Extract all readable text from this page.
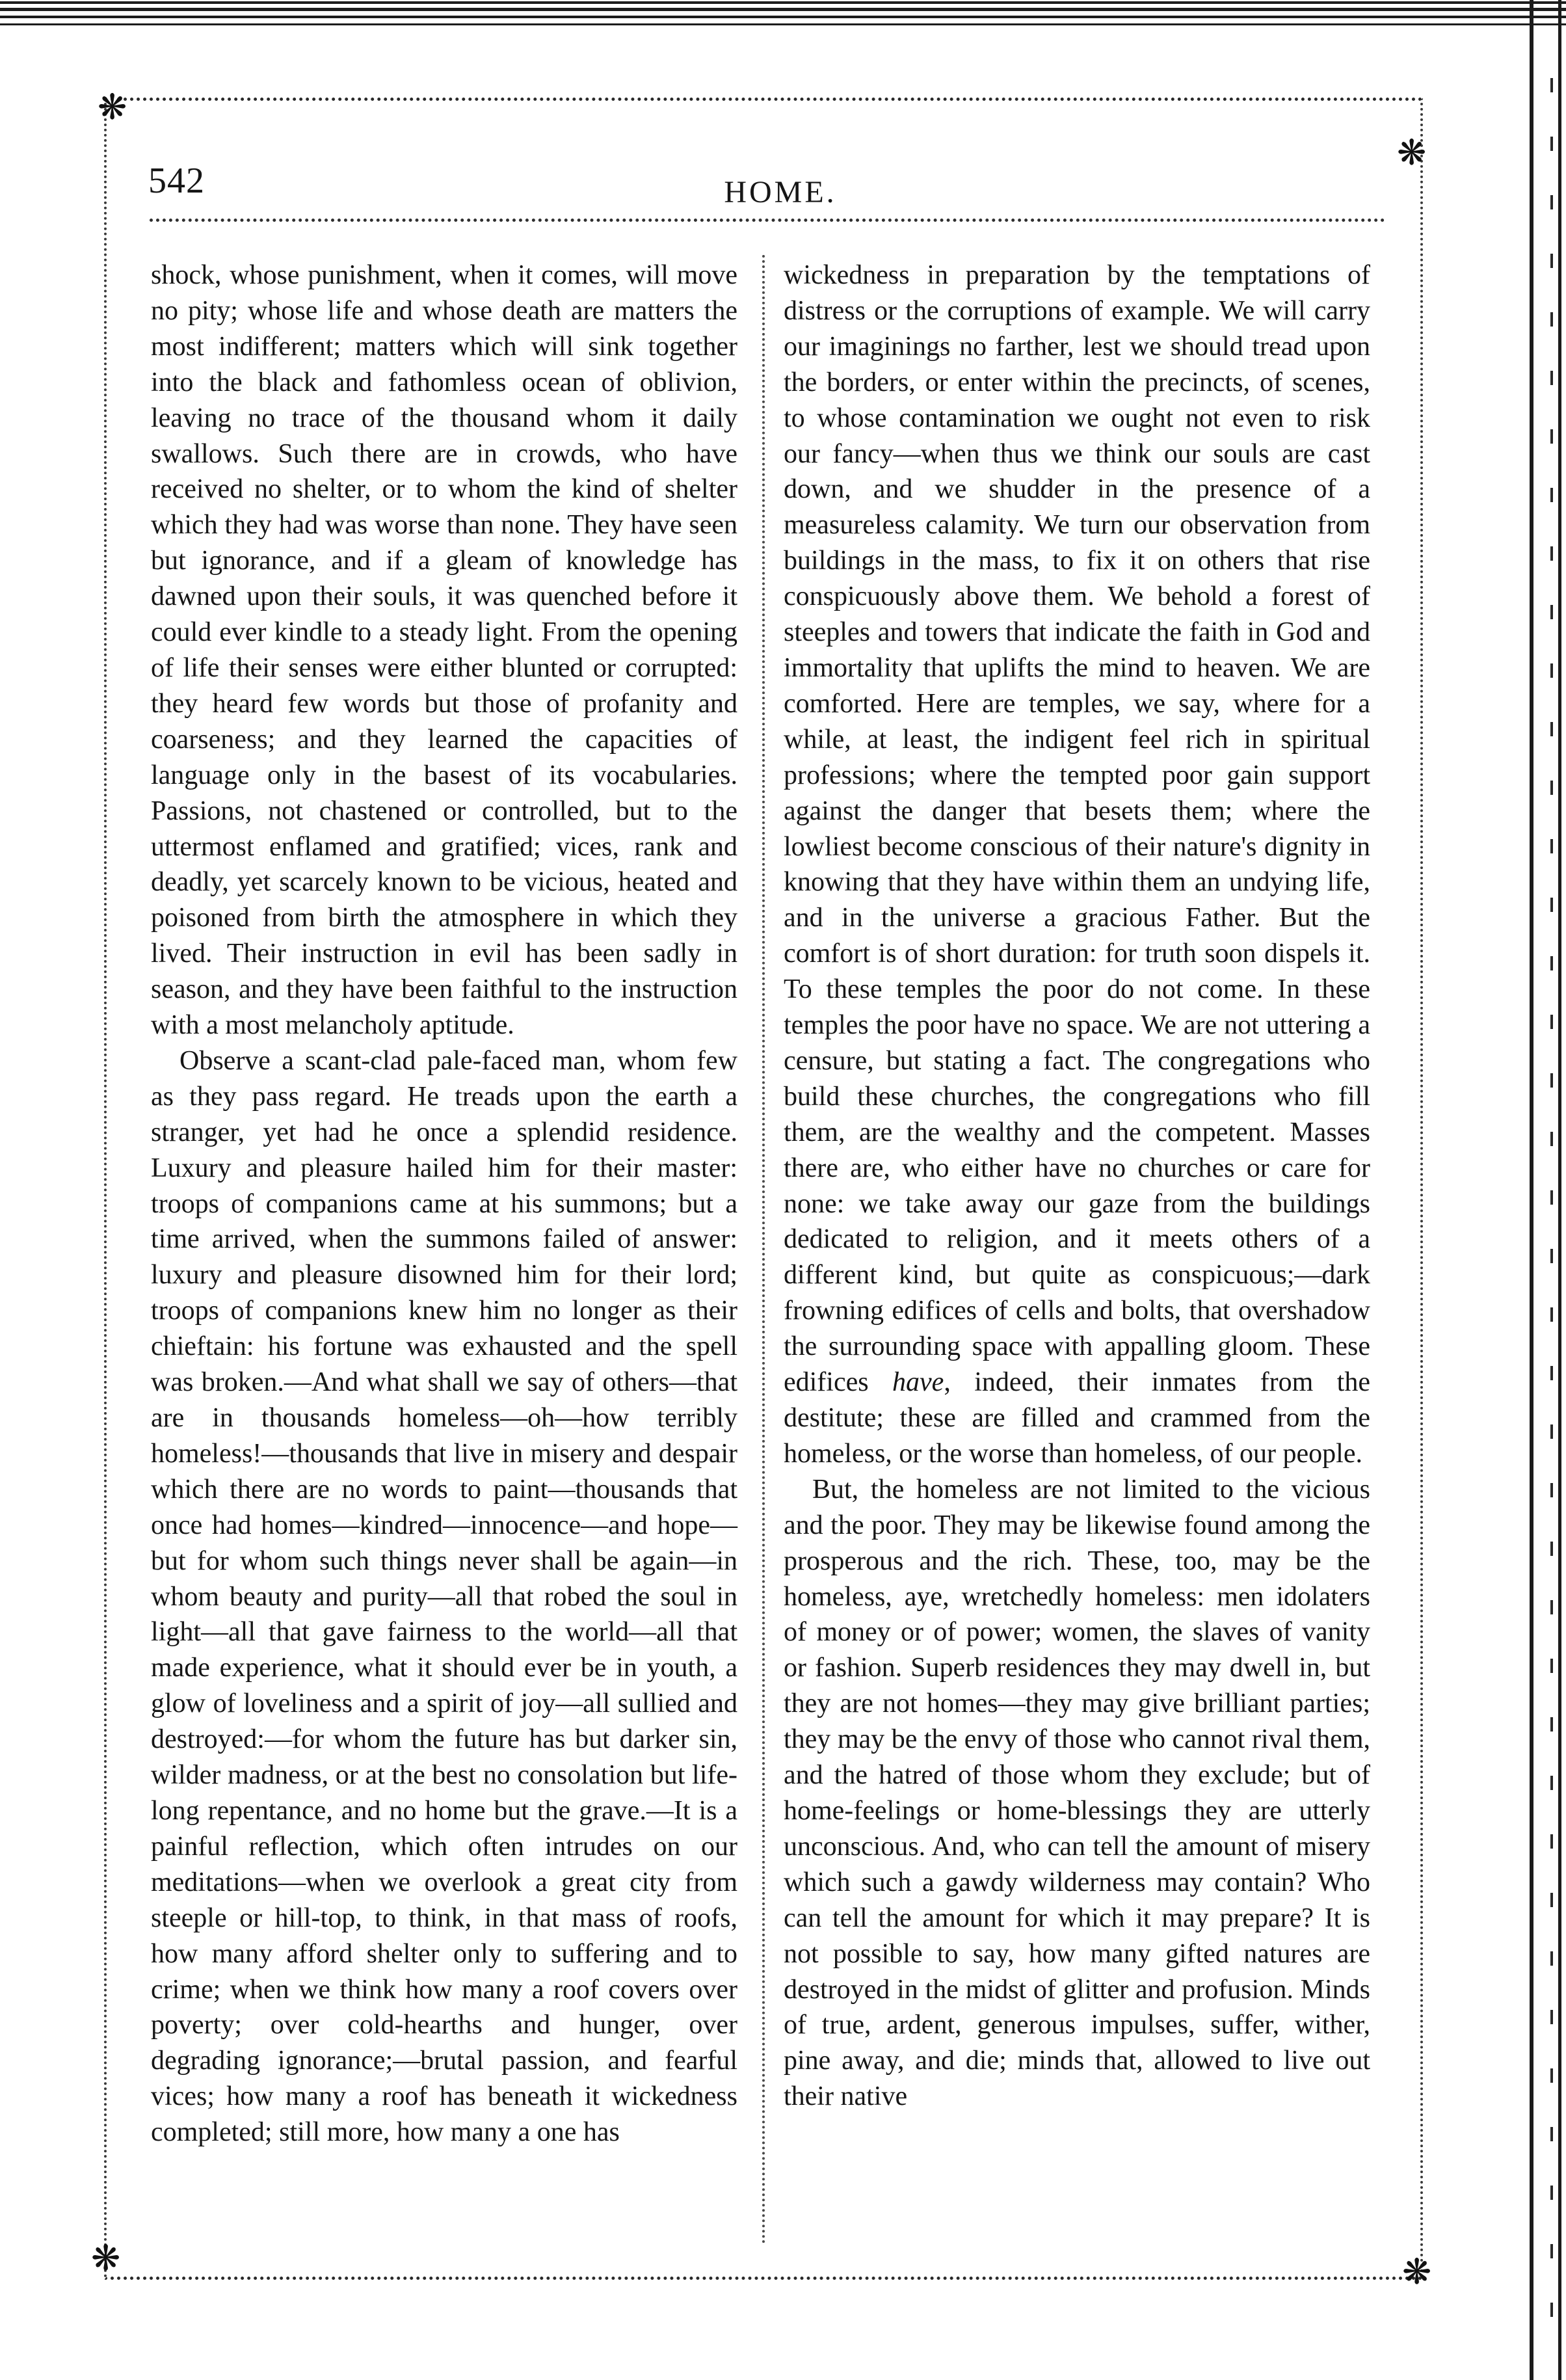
❋
❋
❋	❋
542	HOME.

shock, whose punishment, when it comes, will move no pity; whose life and whose death are matters the most indifferent; matters which will sink together into the black and fathomless ocean of oblivion, leaving no trace of the thousand whom it daily swallows. Such there are in crowds, who have received no shelter, or to whom the kind of shelter which they had was worse than none. They have seen but ignorance, and if a gleam of knowledge has dawned upon their souls, it was quenched before it could ever kindle to a steady light. From the opening of life their senses were either blunted or corrupted: they heard few words but those of profanity and coarseness; and they learned the capacities of language only in the basest of its vocabularies. Passions, not chastened or controlled, but to the uttermost enflamed and gratified; vices, rank and deadly, yet scarcely known to be vicious, heated and poisoned from birth the atmosphere in which they lived. Their instruction in evil has been sadly in season, and they have been faithful to the instruction with a most melancholy aptitude.

Observe a scant-clad pale-faced man, whom few as they pass regard. He treads upon the earth a stranger, yet had he once a splendid residence. Luxury and pleasure hailed him for their master: troops of companions came at his summons; but a time arrived, when the summons failed of answer: luxury and pleasure disowned him for their lord; troops of companions knew him no longer as their chieftain: his fortune was exhausted and the spell was broken.—And what shall we say of others—that are in thousands homeless—oh—how terribly homeless!—thousands that live in misery and despair which there are no words to paint—thousands that once had homes—kindred—innocence—and hope—but for whom such things never shall be again—in whom beauty and purity—all that robed the soul in light—all that gave fairness to the world—all that made experience, what it should ever be in youth, a glow of loveliness and a spirit of joy—all sullied and destroyed:—for whom the future has but darker sin, wilder madness, or at the best no consolation but life-long repentance, and no home but the grave.—It is a painful reflection, which often intrudes on our meditations—when we overlook a great city from steeple or hill-top, to think, in that mass of roofs, how many afford shelter only to suffering and to crime; when we think how many a roof covers over poverty; over cold-hearths and hunger, over degrading ignorance;—brutal passion, and fearful vices; how many a roof has beneath it wickedness completed; still more, how many a one has

wickedness in preparation by the temptations of distress or the corruptions of example. We will carry our imaginings no farther, lest we should tread upon the borders, or enter within the precincts, of scenes, to whose contamination we ought not even to risk our fancy—when thus we think our souls are cast down, and we shudder in the presence of a measureless calamity. We turn our observation from buildings in the mass, to fix it on others that rise conspicuously above them. We behold a forest of steeples and towers that indicate the faith in God and immortality that uplifts the mind to heaven. We are comforted. Here are temples, we say, where for a while, at least, the indigent feel rich in spiritual professions; where the tempted poor gain support against the danger that besets them; where the lowliest become conscious of their nature's dignity in knowing that they have within them an undying life, and in the universe a gracious Father. But the comfort is of short duration: for truth soon dispels it. To these temples the poor do not come. In these temples the poor have no space. We are not uttering a censure, but stating a fact. The congregations who build these churches, the congregations who fill them, are the wealthy and the competent. Masses there are, who either have no churches or care for none: we take away our gaze from the buildings dedicated to religion, and it meets others of a different kind, but quite as conspicuous;—dark frowning edifices of cells and bolts, that overshadow the surrounding space with appalling gloom. These edifices have, indeed, their inmates from the destitute; these are filled and crammed from the homeless, or the worse than homeless, of our people.

But, the homeless are not limited to the vicious and the poor. They may be likewise found among the prosperous and the rich. These, too, may be the homeless, aye, wretchedly homeless: men idolaters of money or of power; women, the slaves of vanity or fashion. Superb residences they may dwell in, but they are not homes—they may give brilliant parties; they may be the envy of those who cannot rival them, and the hatred of those whom they exclude; but of home-feelings or home-blessings they are utterly unconscious. And, who can tell the amount of misery which such a gawdy wilderness may contain? Who can tell the amount for which it may prepare? It is not possible to say, how many gifted natures are destroyed in the midst of glitter and profusion. Minds of true, ardent, generous impulses, suffer, wither, pine away, and die; minds that, allowed to live out their native
